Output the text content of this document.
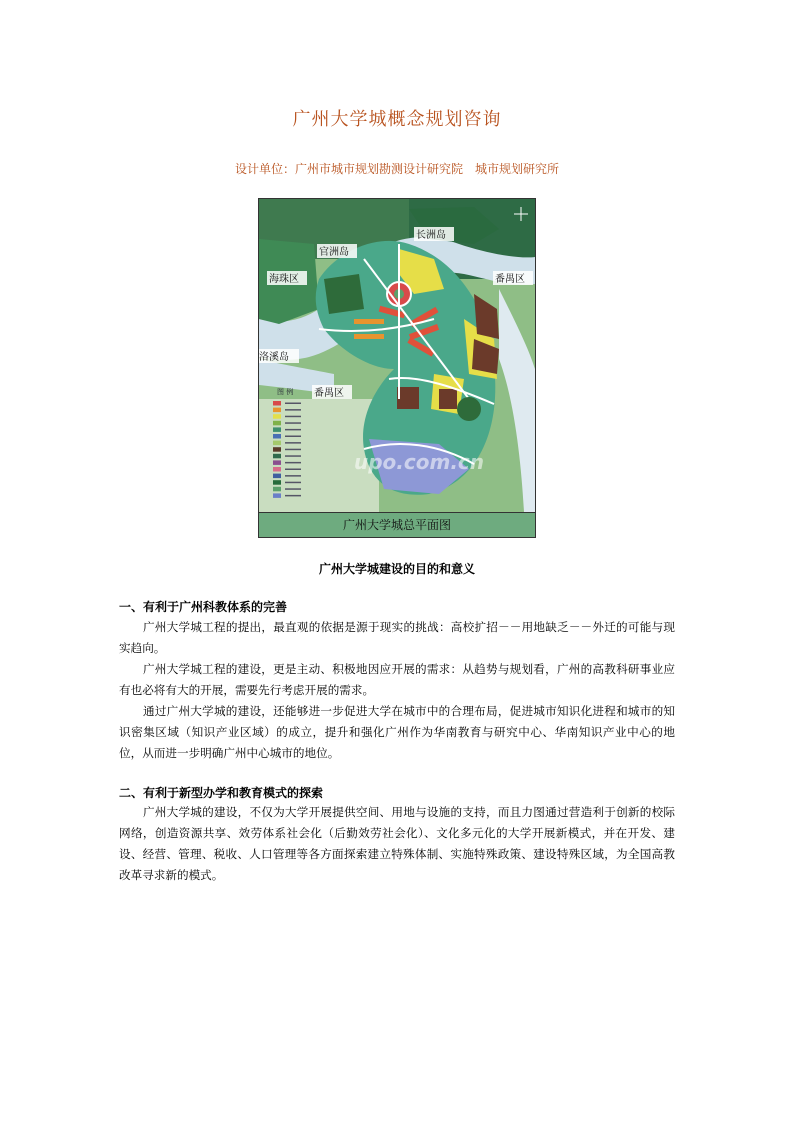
广州大学城概念规划咨询
设计单位：广州市城市规划勘测设计研究院　城市规划研究所
图 例
官洲岛
长洲岛
海珠区	番禺区
洛溪岛
番禺区
upo.com.cn
广州大学城总平面图
广州大学城建设的目的和意义
一、有利于广州科教体系的完善

广州大学城工程的提出，最直观的依据是源于现实的挑战：高校扩招－－用地缺乏－－外迁的可能与现实趋向。

广州大学城工程的建设，更是主动、积极地因应开展的需求：从趋势与规划看，广州的高教科研事业应有也必将有大的开展，需要先行考虑开展的需求。

通过广州大学城的建设，还能够进一步促进大学在城市中的合理布局，促进城市知识化进程和城市的知识密集区域（知识产业区域）的成立，提升和强化广州作为华南教育与研究中心、华南知识产业中心的地位，从而进一步明确广州中心城市的地位。

二、有利于新型办学和教育模式的探索

广州大学城的建设，不仅为大学开展提供空间、用地与设施的支持，而且力图通过营造利于创新的校际网络，创造资源共享、效劳体系社会化（后勤效劳社会化）、文化多元化的大学开展新模式，并在开发、建设、经营、管理、税收、人口管理等各方面探索建立特殊体制、实施特殊政策、建设特殊区域，为全国高教改革寻求新的模式。
